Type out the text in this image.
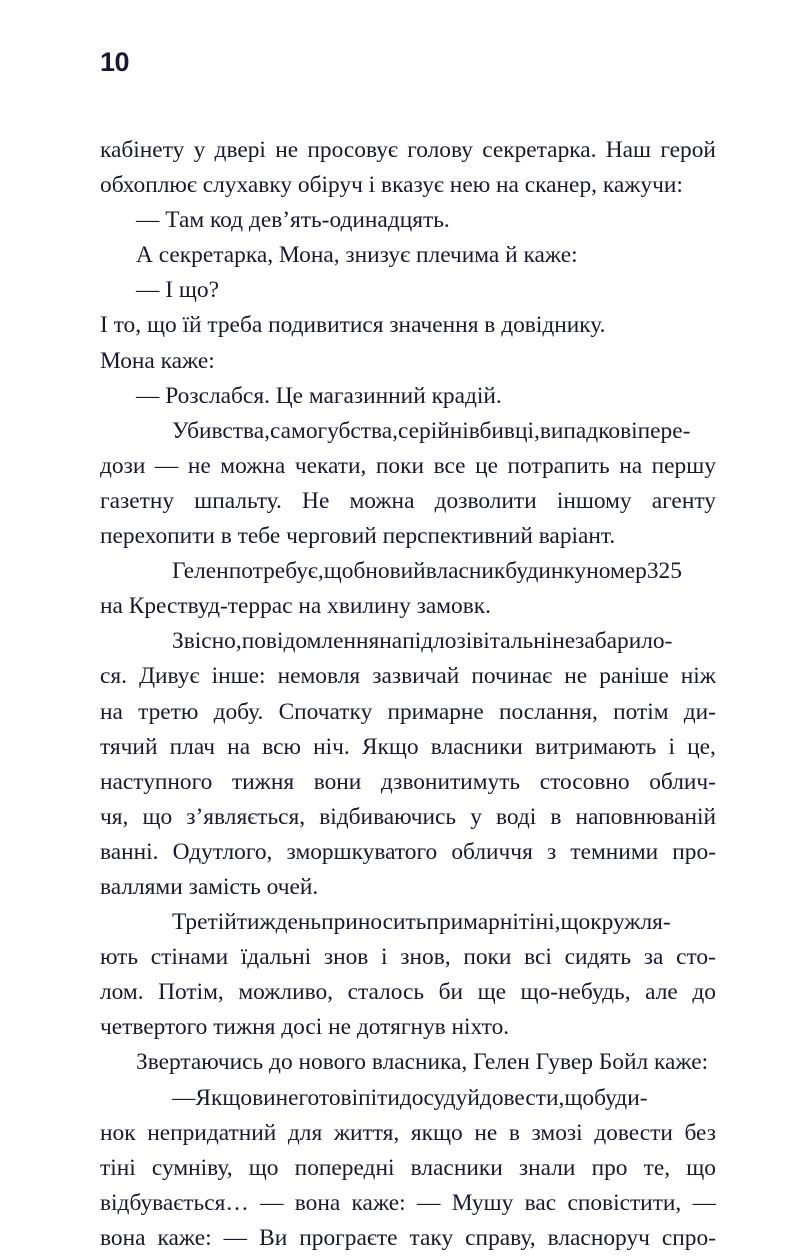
10

кабінету у дверi не просовує голову секретарка. Наш герой
обхоплює слухавку обіруч i вказує нею на сканер, кажучи:

— Там код дев’ять-одинадцять.

А секретарка, Мона, знизує плечима й каже:

— I що?

I то, що їй треба подивитися значення в довіднику.

Мона каже:

— Розслабся. Це магазинний крадій.

Убивства,самогубства,серійнівбивці,випадковіпере-
дози — не можна чекати, поки все це потрапить на першу
газетну шпальту. Не можна дозволити іншому агенту
перехопити в тебе черговий перспективний варіант.

Геленпотребує,щобновийвласникбудинкуномер325
на Крествуд-террас на хвилину замовк.

Звісно,повідомленнянапідлозівітальнінезабарило-
ся. Дивує інше: немовля зазвичай починає не раніше ніж
на третю добу. Спочатку примарне послання, потім ди-
тячий плач на всю ніч. Якщо власники витримають i це,
наступного тижня вони дзвонитимуть стосовно облич-
чя, що з’являється, відбиваючись у воді в наповнюваній
ванні. Одутлого, зморшкуватого обличчя з темними про-
валлями замість очей.

Третійтижденьприноситьпримарнітіні,щокружля-
ють стінами їдальні знов i знов, поки всі сидять за сто-
лом. Потім, можливо, сталось би ще що-небудь, але до
четвертого тижня досі не дотягнув ніхто.

Звертаючись до нового власника, Гелен Гувер Бойл каже:

—Якщовинеготовіпітидосудуйдовести,щобуди-
нок непридатний для життя, якщо не в змозі довести без
тіні сумніву, що попередні власники знали про те, що
відбувається… — вона каже: — Мушу вас сповістити, —
вона каже: — Ви програєте таку справу, власноруч спро-
